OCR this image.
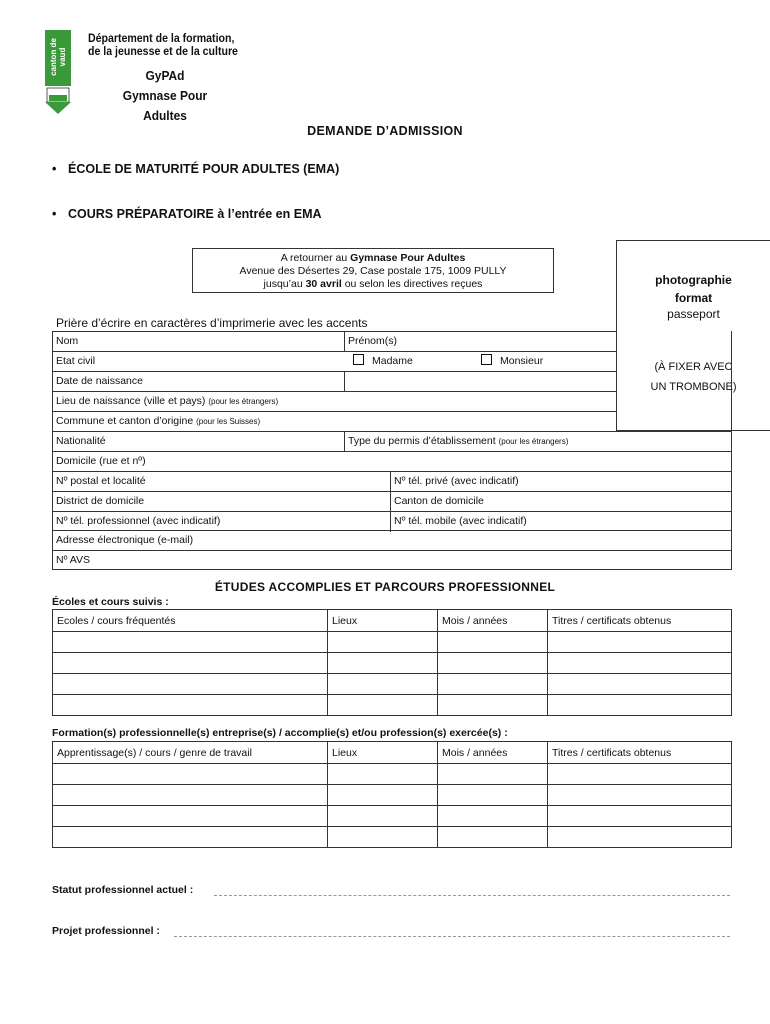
canton de vaud
Département de la formation,
de la jeunesse et de la culture
GyPAd
Gymnase Pour Adultes
DEMANDE D’ADMISSION
• ÉCOLE DE MATURITÉ POUR ADULTES (EMA)
• COURS PRÉPARATOIRE à l’entrée en EMA
A retourner au Gymnase Pour Adultes
Avenue des Désertes 29, Case postale 175, 1009 PULLY
jusqu’au 30 avril ou selon les directives reçues	photographie
format
passeport
(À FIXER AVEC
UN TROMBONE)
Prière d’écrire en caractères d’imprimerie avec les accents
Nom	Prénom(s)
Etat civil	Madame	Monsieur
Date de naissance
Lieu de naissance (ville et pays) (pour les étrangers)
Commune et canton d’origine (pour les Suisses)
Nationalité	Type du permis d’établissement (pour les étrangers)
Domicile (rue et nº)
Nº postal et localité	Nº tél. privé (avec indicatif)
District de domicile	Canton de domicile
Nº tél. professionnel (avec indicatif)	Nº tél. mobile (avec indicatif)
Adresse électronique (e-mail)
Nº AVS
ÉTUDES ACCOMPLIES ET PARCOURS PROFESSIONNEL
Écoles et cours suivis :
Ecoles / cours fréquentés	Lieux	Mois / années	Titres / certificats obtenus

Formation(s) professionnelle(s) entreprise(s) / accomplie(s) et/ou profession(s) exercée(s) :
Apprentissage(s) / cours / genre de travail	Lieux	Mois / années	Titres / certificats obtenus

Statut professionnel actuel :
Projet professionnel :
